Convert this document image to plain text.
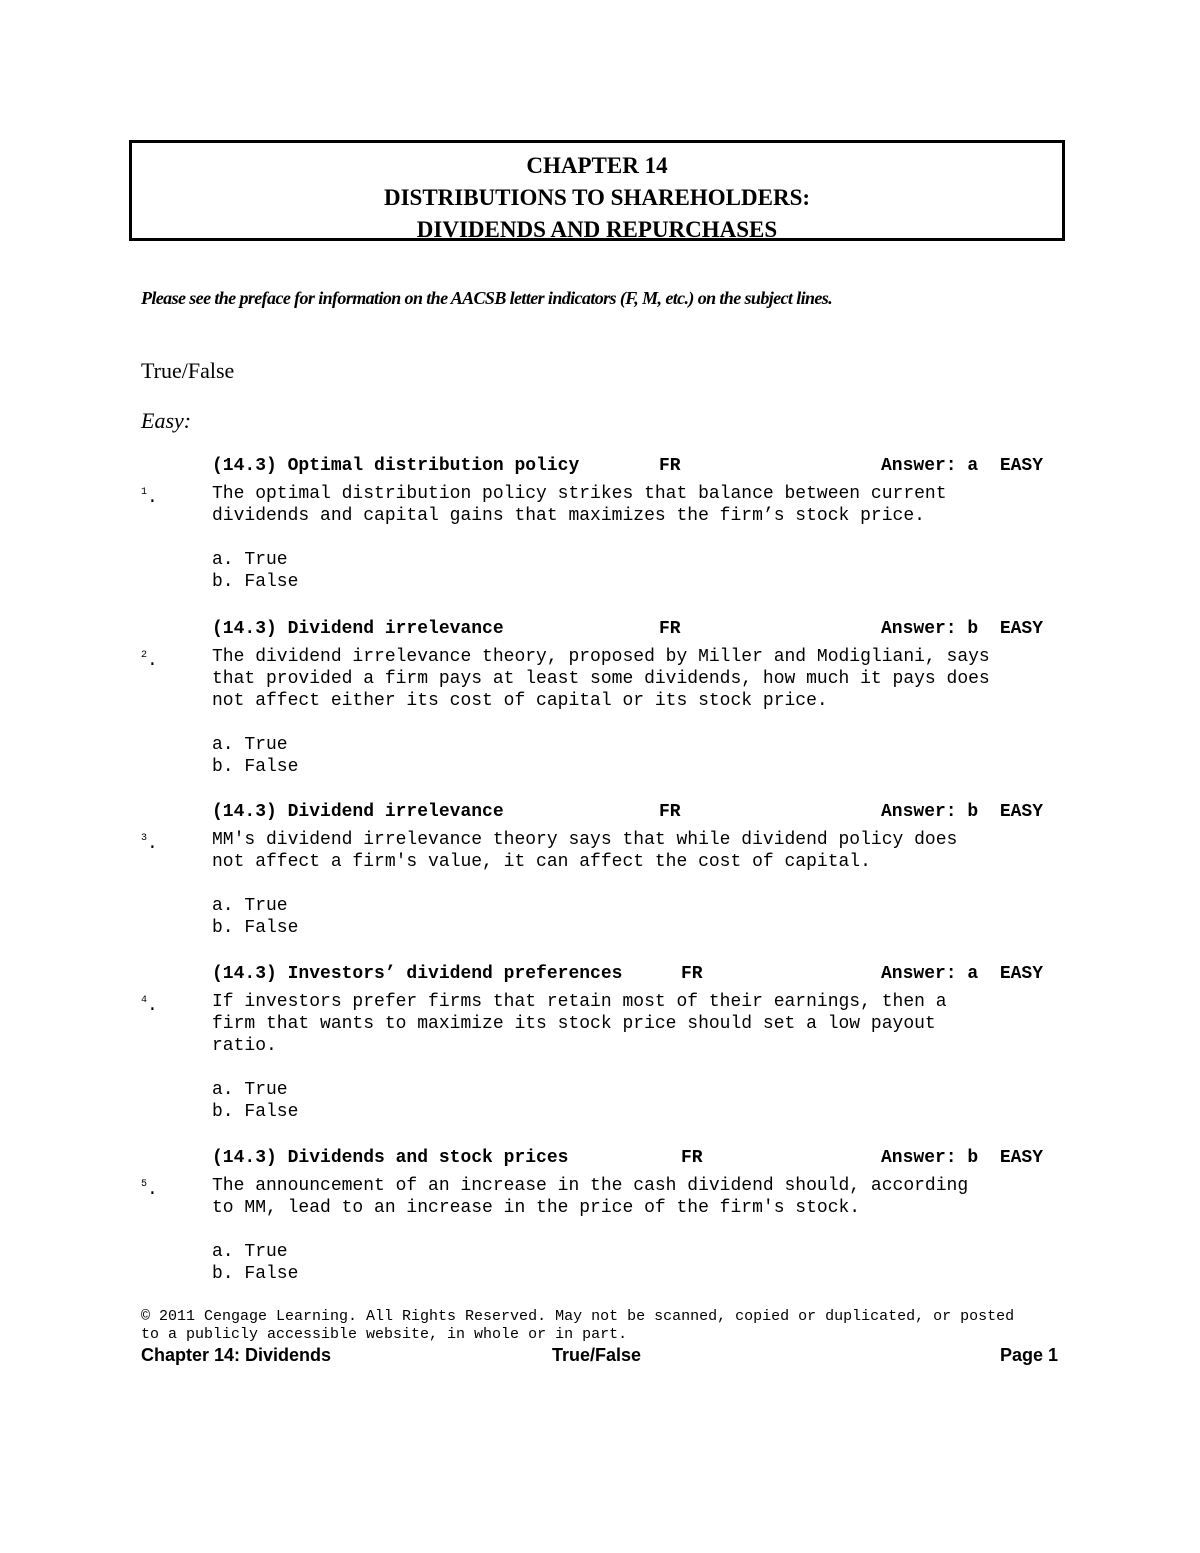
CHAPTER 14
DISTRIBUTIONS TO SHAREHOLDERS:
DIVIDENDS AND REPURCHASES
Please see the preface for information on the AACSB letter indicators (F, M, etc.) on the subject lines.
True/False
Easy:
(14.3) Optimal distribution policy	FR	Answer: a  EASY
$^1$.	The optimal distribution policy strikes that balance between current
dividends and capital gains that maximizes the firm’s stock price.
a. True
b. False
(14.3) Dividend irrelevance	FR	Answer: b  EASY
$^2$.	The dividend irrelevance theory, proposed by Miller and Modigliani, says
that provided a firm pays at least some dividends, how much it pays does
not affect either its cost of capital or its stock price.
a. True
b. False
(14.3) Dividend irrelevance	FR	Answer: b  EASY
$^3$.	MM's dividend irrelevance theory says that while dividend policy does
not affect a firm's value, it can affect the cost of capital.
a. True
b. False
(14.3) Investors’ dividend preferences	FR	Answer: a  EASY
$^4$.	If investors prefer firms that retain most of their earnings, then a
firm that wants to maximize its stock price should set a low payout
ratio.
a. True
b. False
(14.3) Dividends and stock prices	FR	Answer: b  EASY
$^5$.	The announcement of an increase in the cash dividend should, according
to MM, lead to an increase in the price of the firm's stock.
a. True
b. False
© 2011 Cengage Learning. All Rights Reserved. May not be scanned, copied or duplicated, or posted
to a publicly accessible website, in whole or in part.
Chapter 14: Dividends	True/False	Page 1
